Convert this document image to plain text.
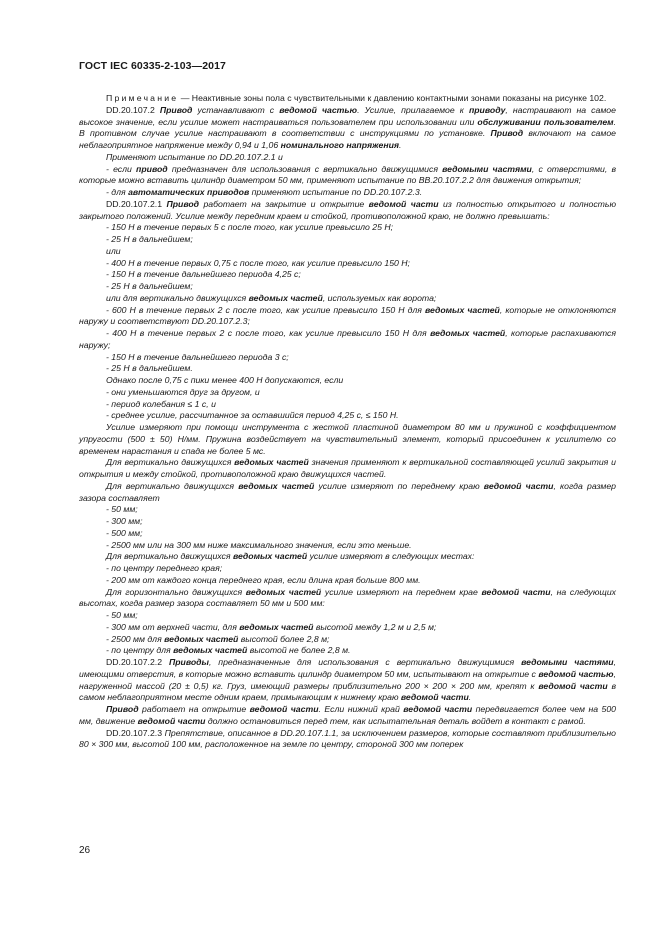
ГОСТ IEC 60335-2-103—2017

Примечание — Неактивные зоны пола с чувствительными к давлению контактными зонами показаны на рисунке 102.

DD.20.107.2 Привод устанавливают с ведомой частью. Усилие, прилагаемое к приводу, настраивают на самое высокое значение, если усилие может настраиваться пользователем при использовании или обслуживании пользователем. В противном случае усилие настраивают в соответствии с инструкциями по установке. Привод включают на самое неблагоприятное напряжение между 0,94 и 1,06 номинального напряжения.

Применяют испытание по DD.20.107.2.1 и

- если привод предназначен для использования с вертикально движущимися ведомыми частями, с отверстиями, в которые можно вставить цилиндр диаметром 50 мм, применяют испытание по ВВ.20.107.2.2 для движения открытия;

- для автоматических приводов применяют испытание по DD.20.107.2.3.

DD.20.107.2.1 Привод работает на закрытие и открытие ведомой части из полностью открытого и полностью закрытого положений. Усилие между передним краем и стойкой, противоположной краю, не должно превышать:

- 150 Н в течение первых 5 с после того, как усилие превысило 25 Н;

- 25 Н в дальнейшем;

или

- 400 Н в течение первых 0,75 с после того, как усилие превысило 150 Н;

- 150 Н в течение дальнейшего периода 4,25 с;

- 25 Н в дальнейшем;

или для вертикально движущихся ведомых частей, используемых как ворота;

- 600 Н в течение первых 2 с после того, как усилие превысило 150 Н для ведомых частей, которые не отклоняются наружу и соответствуют DD.20.107.2.3;

- 400 Н в течение первых 2 с после того, как усилие превысило 150 Н для ведомых частей, которые распахиваются наружу;

- 150 Н в течение дальнейшего периода 3 с;

- 25 Н в дальнейшем.

Однако после 0,75 с пики менее 400 Н допускаются, если

- они уменьшаются друг за другом, и

- период колебания ≤ 1 с, и

- среднее усилие, рассчитанное за оставшийся период 4,25 с, ≤ 150 Н.

Усилие измеряют при помощи инструмента с жесткой пластиной диаметром 80 мм и пружиной с коэффициентом упругости (500 ± 50) Н/мм. Пружина воздействует на чувствительный элемент, который присоединен к усилителю со временем нарастания и спада не более 5 мс.

Для вертикально движущихся ведомых частей значения применяют к вертикальной составляющей усилий закрытия и открытия и между стойкой, противоположной краю движущихся частей.

Для вертикально движущихся ведомых частей усилие измеряют по переднему краю ведомой части, когда размер зазора составляет

- 50 мм;

- 300 мм;

- 500 мм;

- 2500 мм или на 300 мм ниже максимального значения, если это меньше.

Для вертикально движущихся ведомых частей усилие измеряют в следующих местах:

- по центру переднего края;

- 200 мм от каждого конца переднего края, если длина края больше 800 мм.

Для горизонтально движущихся ведомых частей усилие измеряют на переднем крае ведомой части, на следующих высотах, когда размер зазора составляет 50 мм и 500 мм:

- 50 мм;

- 300 мм от верхней части, для ведомых частей высотой между 1,2 м и 2,5 м;

- 2500 мм для ведомых частей высотой более 2,8 м;

- по центру для ведомых частей высотой не более 2,8 м.

DD.20.107.2.2 Приводы, предназначенные для использования с вертикально движущимися ведомыми частями, имеющими отверстия, в которые можно вставить цилиндр диаметром 50 мм, испытывают на открытие с ведомой частью, нагруженной массой (20 ± 0,5) кг. Груз, имеющий размеры приблизительно 200 × 200 × 200 мм, крепят к ведомой части в самом неблагоприятном месте одним краем, примыкающим к нижнему краю ведомой части.

Привод работает на открытие ведомой части. Если нижний край ведомой части передвигается более чем на 500 мм, движение ведомой части должно остановиться перед тем, как испытательная деталь войдет в контакт с рамой.

DD.20.107.2.3 Препятствие, описанное в DD.20.107.1.1, за исключением размеров, которые составляют приблизительно 80 × 300 мм, высотой 100 мм, расположенное на земле по центру, стороной 300 мм поперек

26
